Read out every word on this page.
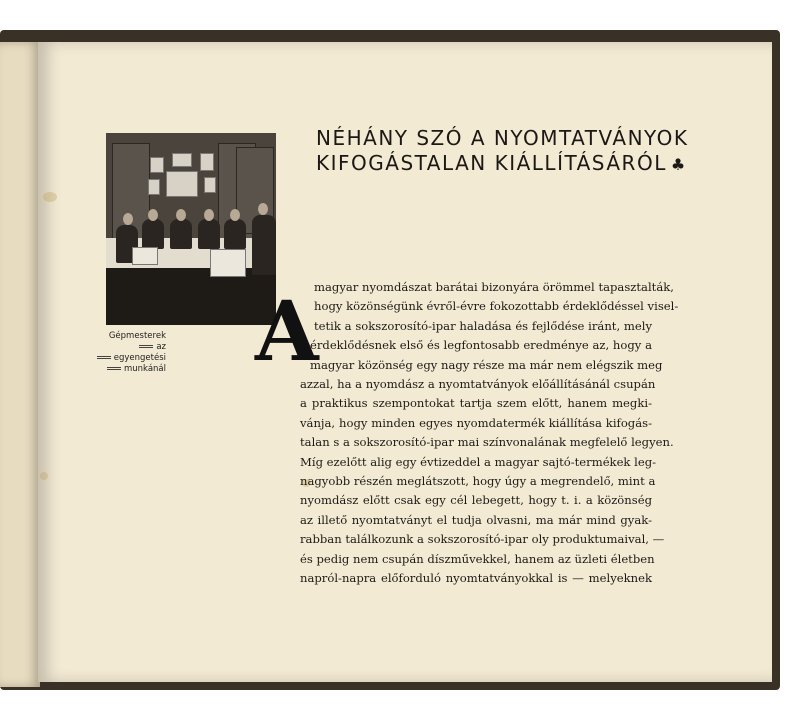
Gépmesterek
az
egyengetési
munkánál
NÉHÁNY SZÓ A NYOMTATVÁNYOK
KIFOGÁSTALAN KIÁLLÍTÁSÁRÓL ♣
A
magyar nyomdászat barátai bizonyára örömmel tapasztalták,
hogy közönségünk évről-évre fokozottabb érdeklődéssel visel-
tetik a sokszorosító-ipar haladása és fejlődése iránt, mely
érdeklődésnek első és legfontosabb eredménye az, hogy a
magyar közönség egy nagy része ma már nem elégszik meg
azzal, ha a nyomdász a nyomtatványok előállításánál csupán
a praktikus szempontokat tartja szem előtt, hanem megki-
vánja, hogy minden egyes nyomdatermék kiállítása kifogás-
talan s a sokszorosító-ipar mai színvonalának megfelelő legyen.
Míg ezelőtt alig egy évtizeddel a magyar sajtó-termékek leg-
nagyobb részén meglátszott, hogy úgy a megrendelő, mint a
nyomdász előtt csak egy cél lebegett, hogy t. i. a közönség
az illető nyomtatványt el tudja olvasni, ma már mind gyak-
rabban találkozunk a sokszorosító-ipar oly produktumaival, —
és pedig nem csupán díszművekkel, hanem az üzleti életben
napról-napra előforduló nyomtatványokkal is — melyeknek
